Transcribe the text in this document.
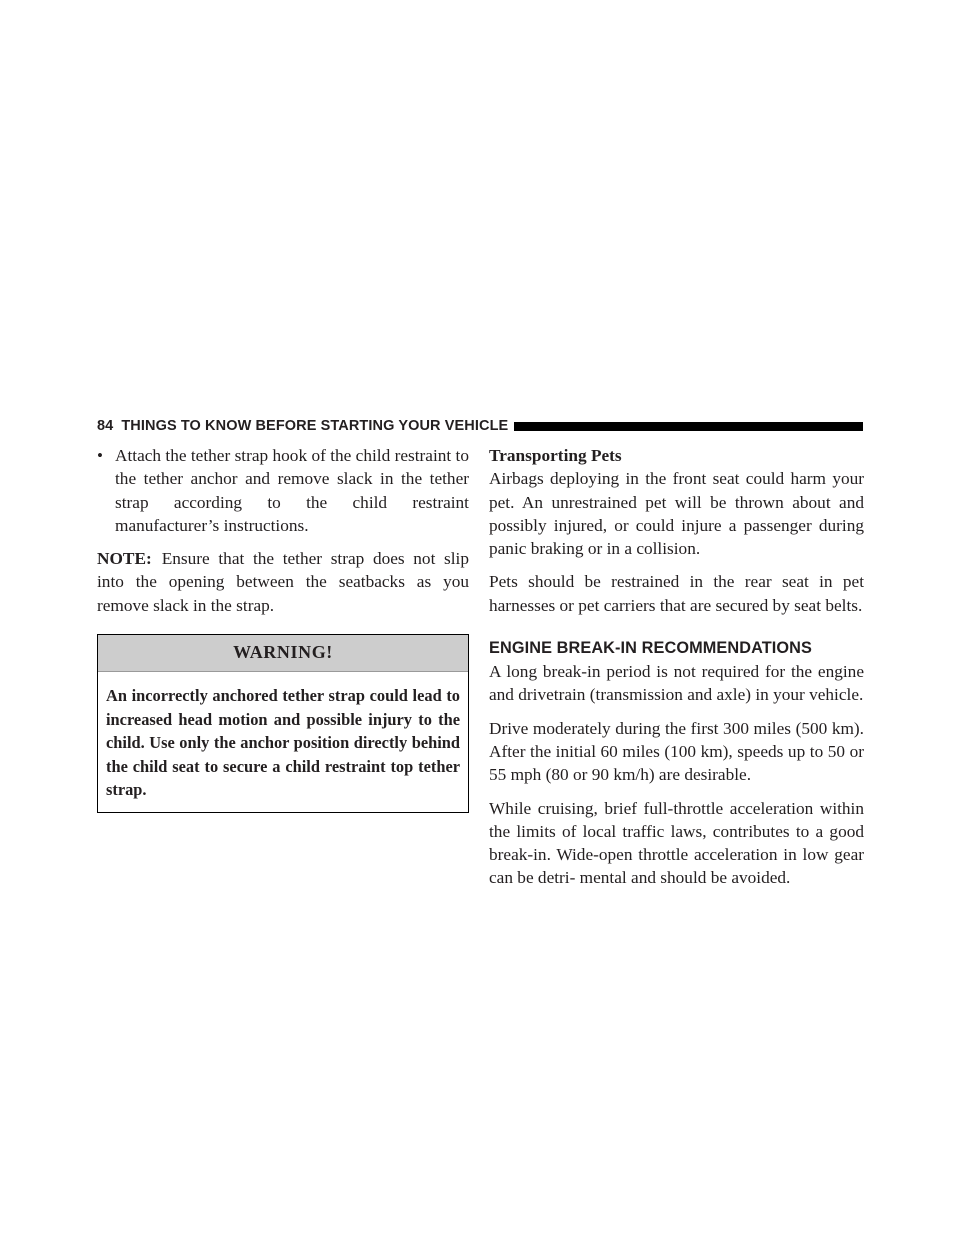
84 THINGS TO KNOW BEFORE STARTING YOUR VEHICLE
• Attach the tether strap hook of the child restraint to the tether anchor and remove slack in the tether strap according to the child restraint manufacturer’s instructions.

NOTE: Ensure that the tether strap does not slip into the opening between the seatbacks as you remove slack in the strap.

WARNING!
An incorrectly anchored tether strap could lead to increased head motion and possible injury to the child. Use only the anchor position directly behind the child seat to secure a child restraint top tether strap.
Transporting Pets

Airbags deploying in the front seat could harm your pet. An unrestrained pet will be thrown about and possibly injured, or could injure a passenger during panic braking or in a collision.

Pets should be restrained in the rear seat in pet harnesses or pet carriers that are secured by seat belts.

ENGINE BREAK-IN RECOMMENDATIONS

A long break-in period is not required for the engine and drivetrain (transmission and axle) in your vehicle.

Drive moderately during the first 300 miles (500 km). After the initial 60 miles (100 km), speeds up to 50 or 55 mph (80 or 90 km/h) are desirable.

While cruising, brief full-throttle acceleration within the limits of local traffic laws, contributes to a good break-in. Wide-open throttle acceleration in low gear can be detri- mental and should be avoided.
